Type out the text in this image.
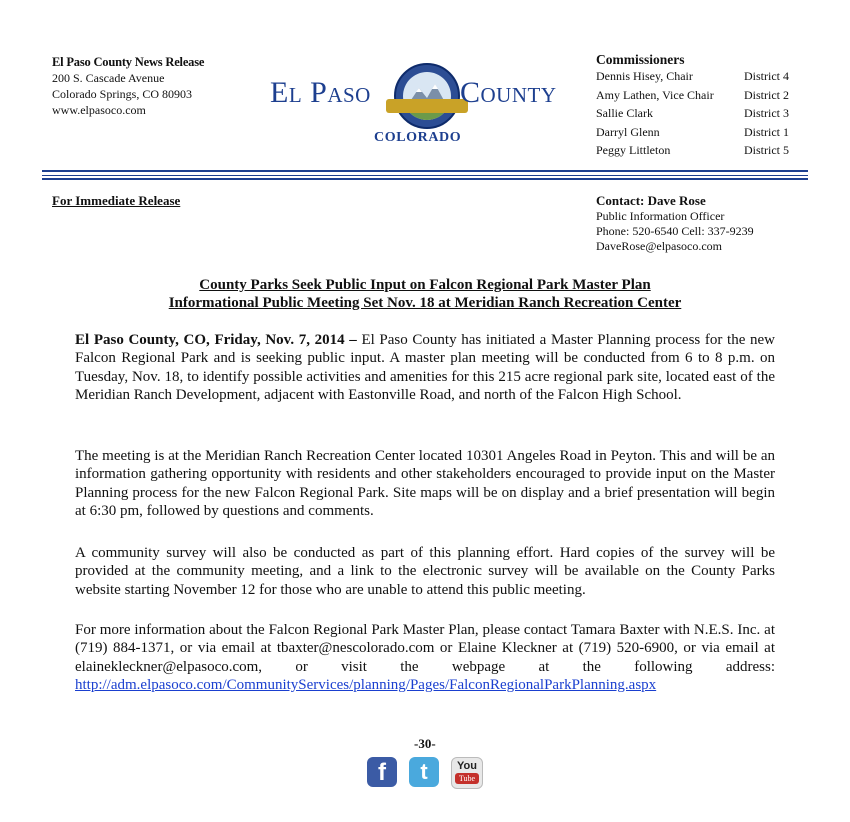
El Paso County News Release
200 S. Cascade Avenue
Colorado Springs, CO 80903
www.elpasoco.com
El Paso	County
COLORADO
Commissioners
Dennis Hisey, Chair	District 4
Amy Lathen, Vice Chair	District 2
Sallie Clark	District 3
Darryl Glenn	District 1
Peggy Littleton	District 5
For Immediate Release	Contact: Dave Rose
Public Information Officer
Phone: 520-6540 Cell: 337-9239
DaveRose@elpasoco.com
County Parks Seek Public Input on Falcon Regional Park Master Plan
Informational Public Meeting Set Nov. 18 at Meridian Ranch Recreation Center
El Paso County, CO, Friday, Nov. 7, 2014 – El Paso County has initiated a Master Planning process for the new Falcon Regional Park and is seeking public input. A master plan meeting will be conducted from 6 to 8 p.m. on Tuesday, Nov. 18, to identify possible activities and amenities for this 215 acre regional park site, located east of the Meridian Ranch Development, adjacent with Eastonville Road, and north of the Falcon High School.
The meeting is at the Meridian Ranch Recreation Center located 10301 Angeles Road in Peyton. This and will be an information gathering opportunity with residents and other stakeholders encouraged to provide input on the Master Planning process for the new Falcon Regional Park. Site maps will be on display and a brief presentation will begin at 6:30 pm, followed by questions and comments.
A community survey will also be conducted as part of this planning effort. Hard copies of the survey will be provided at the community meeting, and a link to the electronic survey will be available on the County Parks website starting November 12 for those who are unable to attend this public meeting.
For more information about the Falcon Regional Park Master Plan, please contact Tamara Baxter with N.E.S. Inc. at (719) 884-1371, or via email at tbaxter@nescolorado.com or Elaine Kleckner at (719) 520-6900, or via email at elainekleckner@elpasoco.com, or visit the webpage at the following address: http://adm.elpasoco.com/CommunityServices/planning/Pages/FalconRegionalParkPlanning.aspx
-30-
f	t	You
Tube
